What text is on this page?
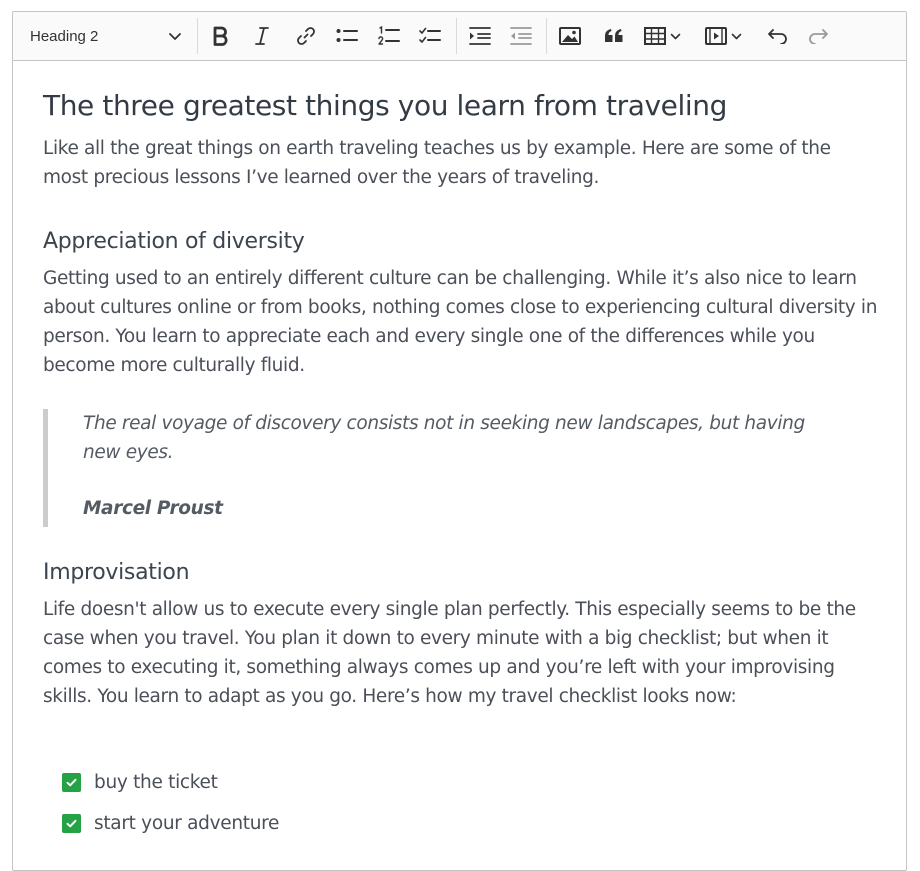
Heading 2
The three greatest things you learn from traveling

Like all the great things on earth traveling teaches us by example. Here are some of the most precious lessons I’ve learned over the years of traveling.

Appreciation of diversity

Getting used to an entirely different culture can be challenging. While it’s also nice to learn about cultures online or from books, nothing comes close to experiencing cultural diversity in person. You learn to appreciate each and every single one of the differences while you become more culturally fluid.

The real voyage of discovery consists not in seeking new landscapes, but having new eyes.

Marcel Proust

Improvisation

Life doesn't allow us to execute every single plan perfectly. This especially seems to be the case when you travel. You plan it down to every minute with a big checklist; but when it comes to executing it, something always comes up and you’re left with your improvising skills. You learn to adapt as you go. Here’s how my travel checklist looks now:

buy the ticket
start your adventure
